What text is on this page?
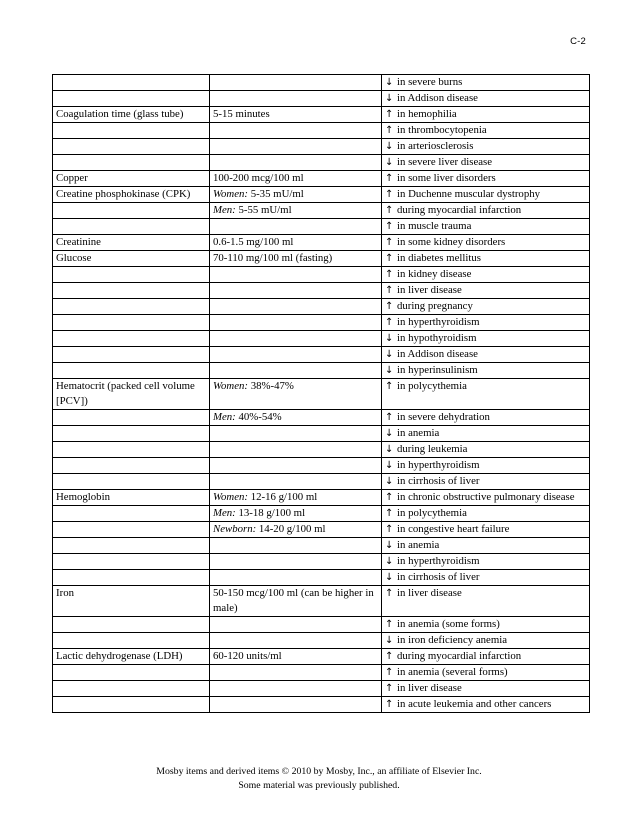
C-2
		↓ in severe burns
		↓ in Addison disease
Coagulation time (glass tube)	5-15 minutes	↑ in hemophilia
		↑ in thrombocytopenia
		↓ in arteriosclerosis
		↓ in severe liver disease
Copper	100-200 mcg/100 ml	↑ in some liver disorders
Creatine phosphokinase (CPK)	Women: 5-35 mU/ml	↑ in Duchenne muscular dystrophy
	Men: 5-55 mU/ml	↑ during myocardial infarction
		↑ in muscle trauma
Creatinine	0.6-1.5 mg/100 ml	↑ in some kidney disorders
Glucose	70-110 mg/100 ml (fasting)	↑ in diabetes mellitus
		↑ in kidney disease
		↑ in liver disease
		↑ during pregnancy
		↑ in hyperthyroidism
		↓ in hypothyroidism
		↓ in Addison disease
		↓ in hyperinsulinism
Hematocrit (packed cell volume [PCV])	Women: 38%-47%	↑ in polycythemia
	Men: 40%-54%	↑ in severe dehydration
		↓ in anemia
		↓ during leukemia
		↓ in hyperthyroidism
		↓ in cirrhosis of liver
Hemoglobin	Women: 12-16 g/100 ml	↑ in chronic obstructive pulmonary disease
	Men: 13-18 g/100 ml	↑ in polycythemia
	Newborn: 14-20 g/100 ml	↑ in congestive heart failure
		↓ in anemia
		↓ in hyperthyroidism
		↓ in cirrhosis of liver
Iron	50-150 mcg/100 ml (can be higher in male)	↑ in liver disease
		↑ in anemia (some forms)
		↓ in iron deficiency anemia
Lactic dehydrogenase (LDH)	60-120 units/ml	↑ during myocardial infarction
		↑ in anemia (several forms)
		↑ in liver disease
		↑ in acute leukemia and other cancers

Mosby items and derived items © 2010 by Mosby, Inc., an affiliate of Elsevier Inc.

Some material was previously published.
